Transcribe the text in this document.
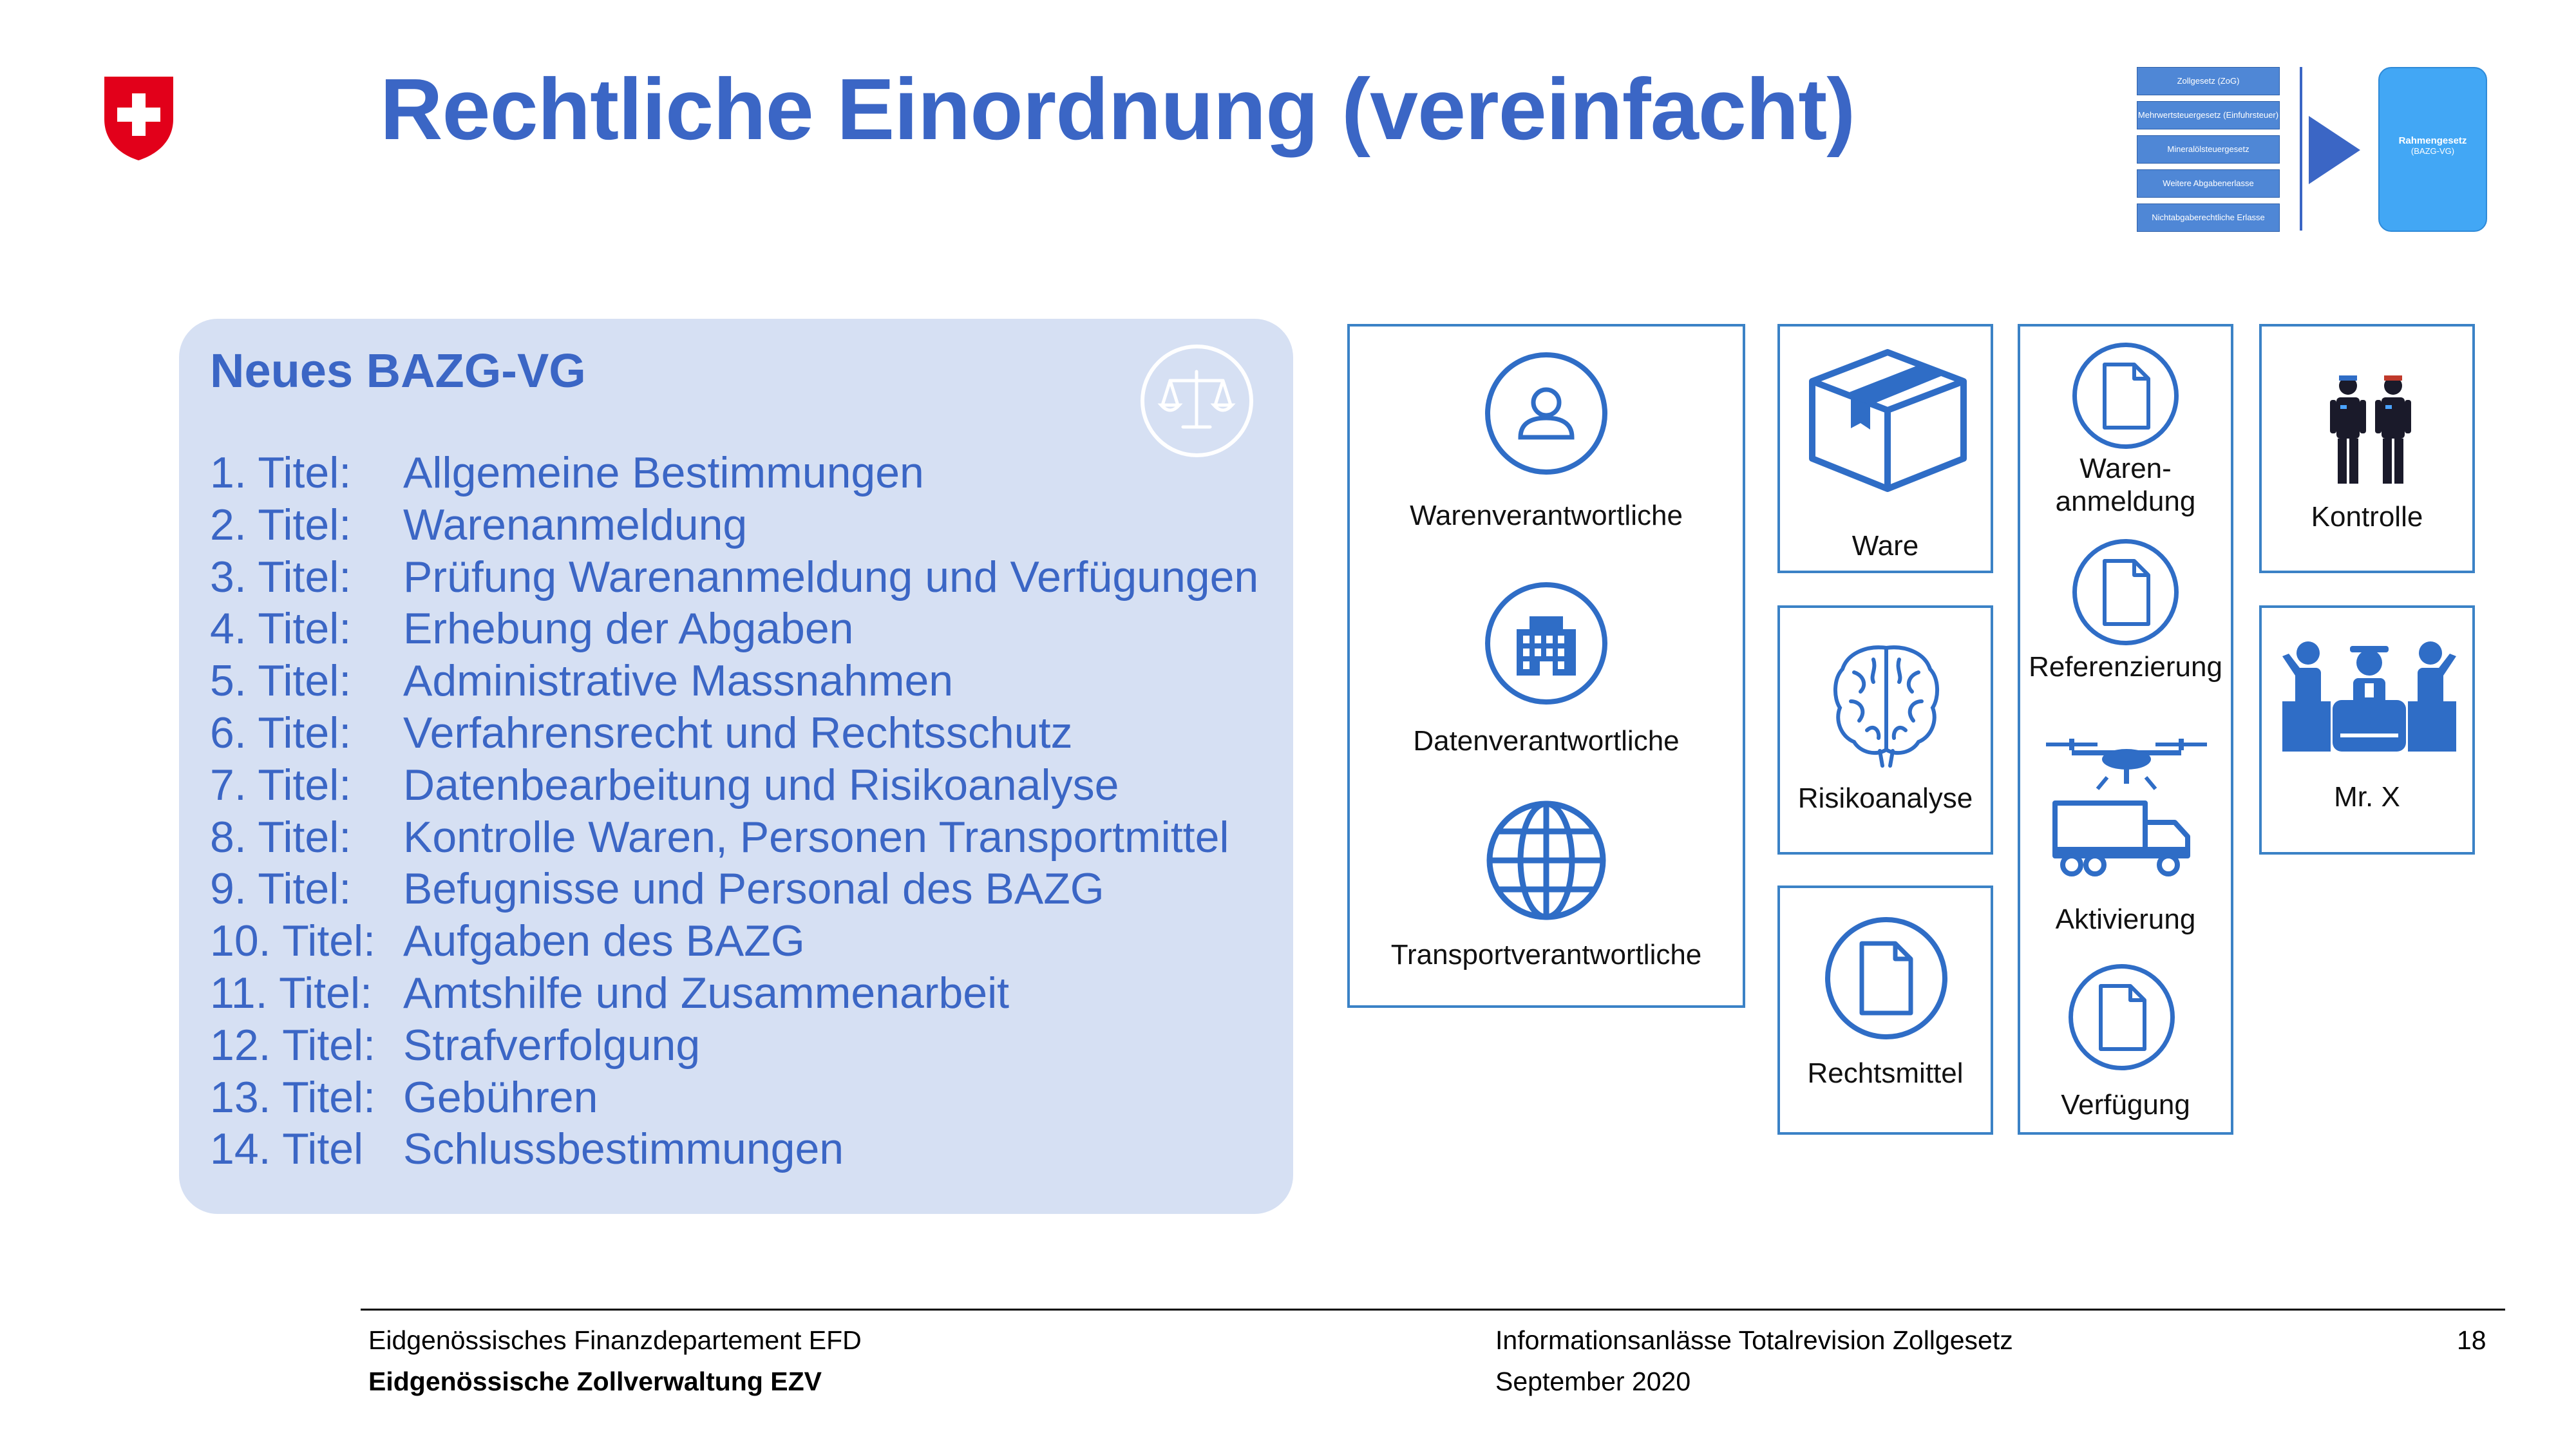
Rechtliche Einordnung (vereinfacht)	Zollgesetz (ZoG)
Mehrwertsteuergesetz (Einfuhrsteuer)
Mineralölsteuergesetz
Weitere Abgabenerlasse
Nichtabgaberechtliche Erlasse
Rahmengesetz
(BAZG-VG)
Neues BAZG-VG
1. Titel: Allgemeine Bestimmungen
2. Titel: Warenanmeldung
3. Titel: Prüfung Warenanmeldung und Verfügungen
4. Titel: Erhebung der Abgaben
5. Titel: Administrative Massnahmen
6. Titel: Verfahrensrecht und Rechtsschutz
7. Titel: Datenbearbeitung und Risikoanalyse
8. Titel: Kontrolle Waren, Personen Transportmittel
9. Titel: Befugnisse und Personal des BAZG
10. Titel: Aufgaben des BAZG
11. Titel: Amtshilfe und Zusammenarbeit
12. Titel: Strafverfolgung
13. Titel: Gebühren
14. Titel Schlussbestimmungen
Warenverantwortliche
Datenverantwortliche
Transportverantwortliche
Ware
Risikoanalyse
Rechtsmittel
Waren-
anmeldung
Referenzierung
Aktivierung
Verfügung
Kontrolle
Mr. X
Eidgenössisches Finanzdepartement EFD
Eidgenössische Zollverwaltung EZV
Informationsanlässe Totalrevision Zollgesetz
September 2020
18
